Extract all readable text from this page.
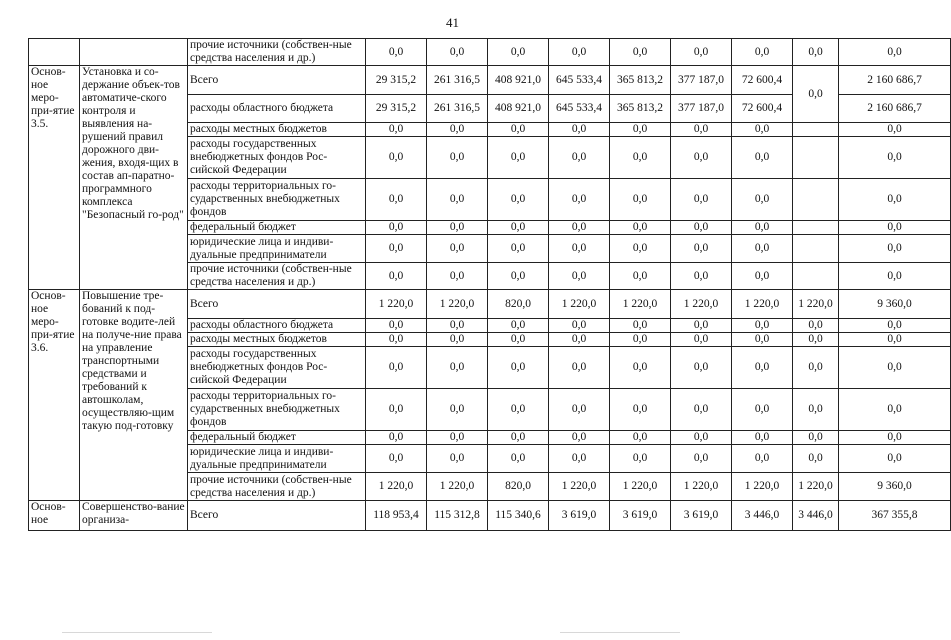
41
		прочие источники (собствен-ные средства населения и др.)	0,0	0,0	0,0	0,0	0,0	0,0	0,0	0,0	0,0
Основ-ное меро-при-ятие 3.5.	Установка и со-держание объек-тов автоматиче-ского контроля и выявления на-рушений правил дорожного дви-жения, входя-щих в состав ап-паратно-программного комплекса "Безопасный го-род"	Всего	29 315,2	261 316,5	408 921,0	645 533,4	365 813,2	377 187,0	72 600,4	0,0	2 160 686,7
		расходы областного бюджета	29 315,2	261 316,5	408 921,0	645 533,4	365 813,2	377 187,0	72 600,4		2 160 686,7
		расходы местных бюджетов	0,0	0,0	0,0	0,0	0,0	0,0	0,0		0,0
		расходы государственных внебюджетных фондов Рос-сийской Федерации	0,0	0,0	0,0	0,0	0,0	0,0	0,0		0,0
		расходы территориальных го-сударственных внебюджетных фондов	0,0	0,0	0,0	0,0	0,0	0,0	0,0		0,0
		федеральный бюджет	0,0	0,0	0,0	0,0	0,0	0,0	0,0		0,0
		юридические лица и индиви-дуальные предприниматели	0,0	0,0	0,0	0,0	0,0	0,0	0,0		0,0
		прочие источники (собствен-ные средства населения и др.)	0,0	0,0	0,0	0,0	0,0	0,0	0,0		0,0
Основ-ное меро-при-ятие 3.6.	Повышение тре-бований к под-готовке водите-лей на получе-ние права на управление транспортными средствами и требований к автошколам, осуществляю-щим такую под-готовку	Всего	1 220,0	1 220,0	820,0	1 220,0	1 220,0	1 220,0	1 220,0	1 220,0	9 360,0
		расходы областного бюджета	0,0	0,0	0,0	0,0	0,0	0,0	0,0	0,0	0,0
		расходы местных бюджетов	0,0	0,0	0,0	0,0	0,0	0,0	0,0	0,0	0,0
		расходы государственных внебюджетных фондов Рос-сийской Федерации	0,0	0,0	0,0	0,0	0,0	0,0	0,0	0,0	0,0
		расходы территориальных го-сударственных внебюджетных фондов	0,0	0,0	0,0	0,0	0,0	0,0	0,0	0,0	0,0
		федеральный бюджет	0,0	0,0	0,0	0,0	0,0	0,0	0,0	0,0	0,0
		юридические лица и индиви-дуальные предприниматели	0,0	0,0	0,0	0,0	0,0	0,0	0,0	0,0	0,0
		прочие источники (собствен-ные средства населения и др.)	1 220,0	1 220,0	820,0	1 220,0	1 220,0	1 220,0	1 220,0	1 220,0	9 360,0
Основ-ное	Совершенство-вание организа-	Всего	118 953,4	115 312,8	115 340,6	3 619,0	3 619,0	3 619,0	3 446,0	3 446,0	367 355,8
